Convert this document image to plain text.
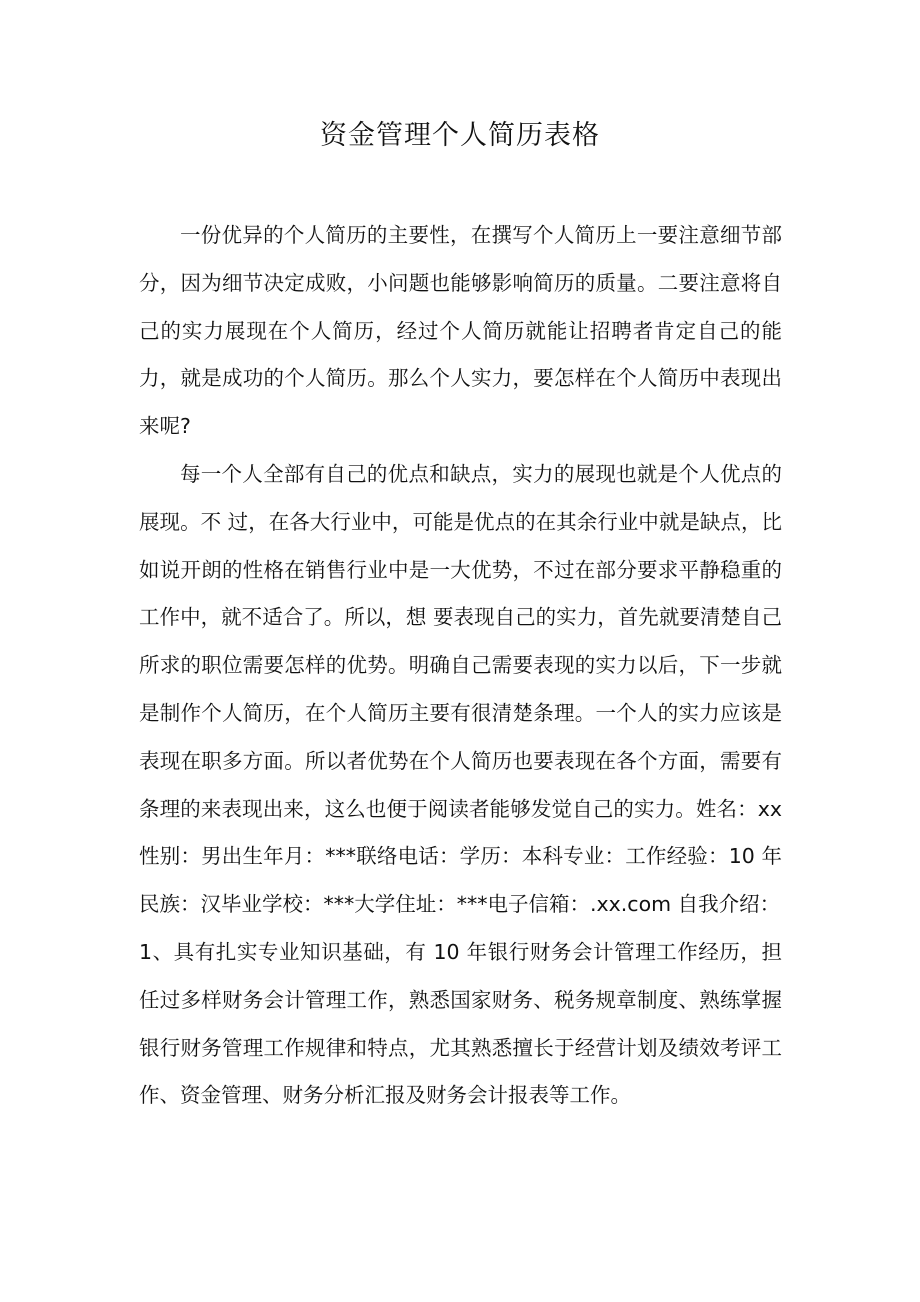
资金管理个人简历表格

一份优异的个人简历的主要性，在撰写个人简历上一要注意细节部分，因为细节决定成败，小问题也能够影响简历的质量。二要注意将自己的实力展现在个人简历，经过个人简历就能让招聘者肯定自己的能力，就是成功的个人简历。那么个人实力，要怎样在个人简历中表现出来呢?

每一个人全部有自己的优点和缺点，实力的展现也就是个人优点的展现。不 过，在各大行业中，可能是优点的在其余行业中就是缺点，比如说开朗的性格在销售行业中是一大优势，不过在部分要求平静稳重的工作中，就不适合了。所以，想 要表现自己的实力，首先就要清楚自己所求的职位需要怎样的优势。明确自己需要表现的实力以后，下一步就是制作个人简历，在个人简历主要有很清楚条理。一个人的实力应该是表现在职多方面。所以者优势在个人简历也要表现在各个方面，需要有条理的来表现出来，这么也便于阅读者能够发觉自己的实力。姓名：xx 性别：男出生年月：***联络电话：学历：本科专业：工作经验：10 年民族：汉毕业学校：***大学住址：***电子信箱：.xx.com 自我介绍：

1、具有扎实专业知识基础，有 10 年银行财务会计管理工作经历，担任过多样财务会计管理工作，熟悉国家财务、税务规章制度、熟练掌握银行财务管理工作规律和特点，尤其熟悉擅长于经营计划及绩效考评工作、资金管理、财务分析汇报及财务会计报表等工作。
